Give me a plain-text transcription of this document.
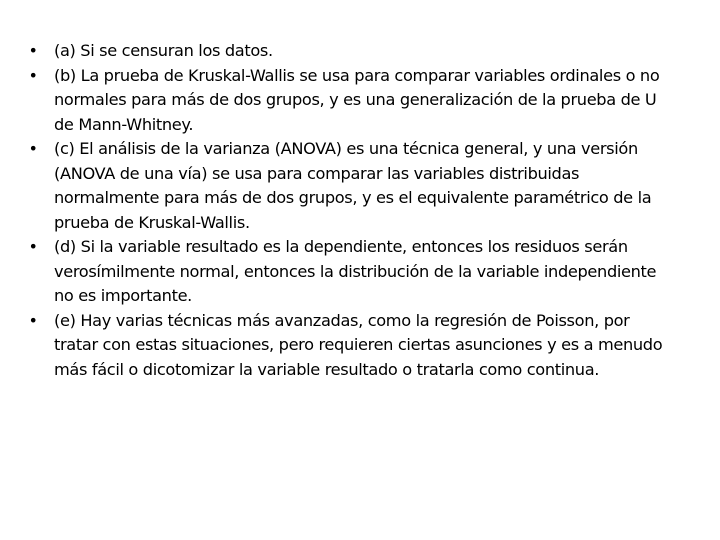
• (a) Si se censuran los datos.
• (b) La prueba de Kruskal-Wallis se usa para comparar variables ordinales o no normales para más de dos grupos, y es una generalización de la prueba de U de Mann-Whitney.
• (c) El análisis de la varianza (ANOVA) es una técnica general, y una versión (ANOVA de una vía) se usa para comparar las variables distribuidas normalmente para más de dos grupos, y es el equivalente paramétrico de la prueba de Kruskal-Wallis.
• (d) Si la variable resultado es la dependiente, entonces los residuos serán verosímilmente normal, entonces la distribución de la variable independiente no es importante.
• (e) Hay varias técnicas más avanzadas, como la regresión de Poisson, por tratar con estas situaciones, pero requieren ciertas asunciones y es a menudo más fácil o dicotomizar la variable resultado o tratarla como continua.
